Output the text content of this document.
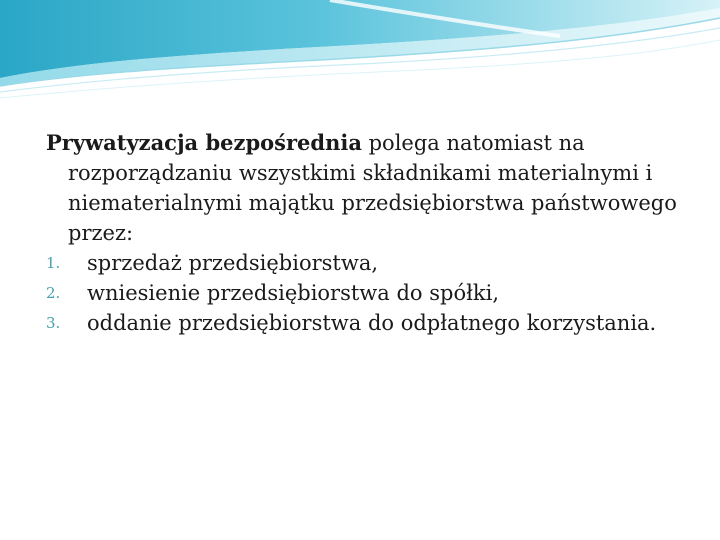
Prywatyzacja bezpośrednia polega natomiast na rozporządzaniu wszystkimi składnikami materialnymi i niematerialnymi majątku przedsiębiorstwa państwowego przez:

1. sprzedaż przedsiębiorstwa,
2. wniesienie przedsiębiorstwa do spółki,
3. oddanie przedsiębiorstwa do odpłatnego korzystania.
